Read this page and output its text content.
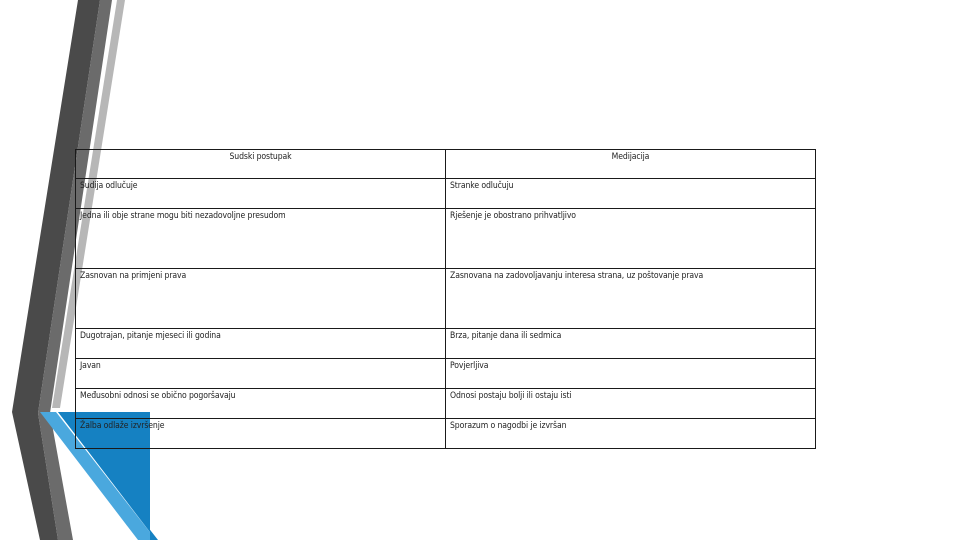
Sudski postupak	Medijacija
Sudija odlučuje	Stranke odlučuju
Jedna ili obje strane mogu biti nezadovoljne presudom	Rješenje je obostrano prihvatljivo
Zasnovan na primjeni prava	Zasnovana na zadovoljavanju interesa strana, uz poštovanje prava
Dugotrajan, pitanje mjeseci ili godina	Brza, pitanje dana ili sedmica
Javan	Povjerljiva
Međusobni odnosi se obično pogoršavaju	Odnosi postaju bolji ili ostaju isti
Žalba odlaže izvršenje	Sporazum o nagodbi je izvršan
